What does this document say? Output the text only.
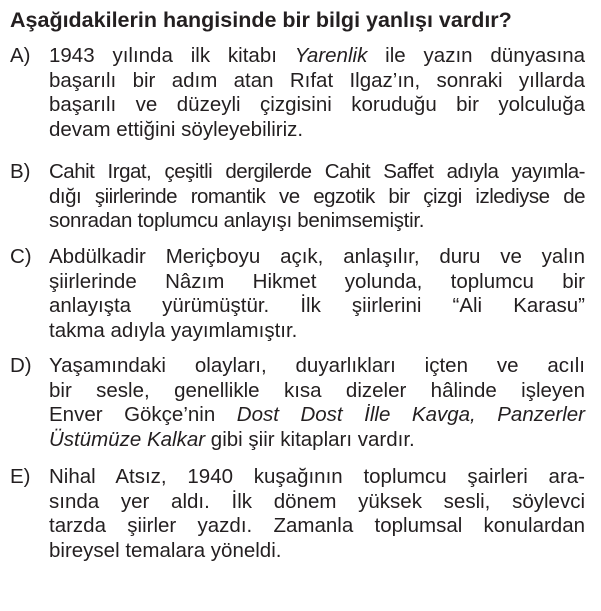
Aşağıdakilerin hangisinde bir bilgi yanlışı vardır?
A) 1943 yılında ilk kitabı Yarenlik ile yazın dünyasına
başarılı bir adım atan Rıfat Ilgaz’ın, sonraki yıllarda
başarılı ve düzeyli çizgisini koruduğu bir yolculuğa
devam ettiğini söyleyebiliriz.
B) Cahit Irgat, çeşitli dergilerde Cahit Saffet adıyla yayımla-
dığı şiirlerinde romantik ve egzotik bir çizgi izlediyse de
sonradan toplumcu anlayışı benimsemiştir.
C) Abdülkadir Meriçboyu açık, anlaşılır, duru ve yalın
şiirlerinde Nâzım Hikmet yolunda, toplumcu bir
anlayışta yürümüştür. İlk şiirlerini “Ali Karasu”
takma adıyla yayımlamıştır.
D) Yaşamındaki olayları, duyarlıkları içten ve acılı
bir sesle, genellikle kısa dizeler hâlinde işleyen
Enver Gökçe’nin Dost Dost İlle Kavga, Panzerler
Üstümüze Kalkar gibi şiir kitapları vardır.
E) Nihal Atsız, 1940 kuşağının toplumcu şairleri ara-
sında yer aldı. İlk dönem yüksek sesli, söylevci
tarzda şiirler yazdı. Zamanla toplumsal konulardan
bireysel temalara yöneldi.
